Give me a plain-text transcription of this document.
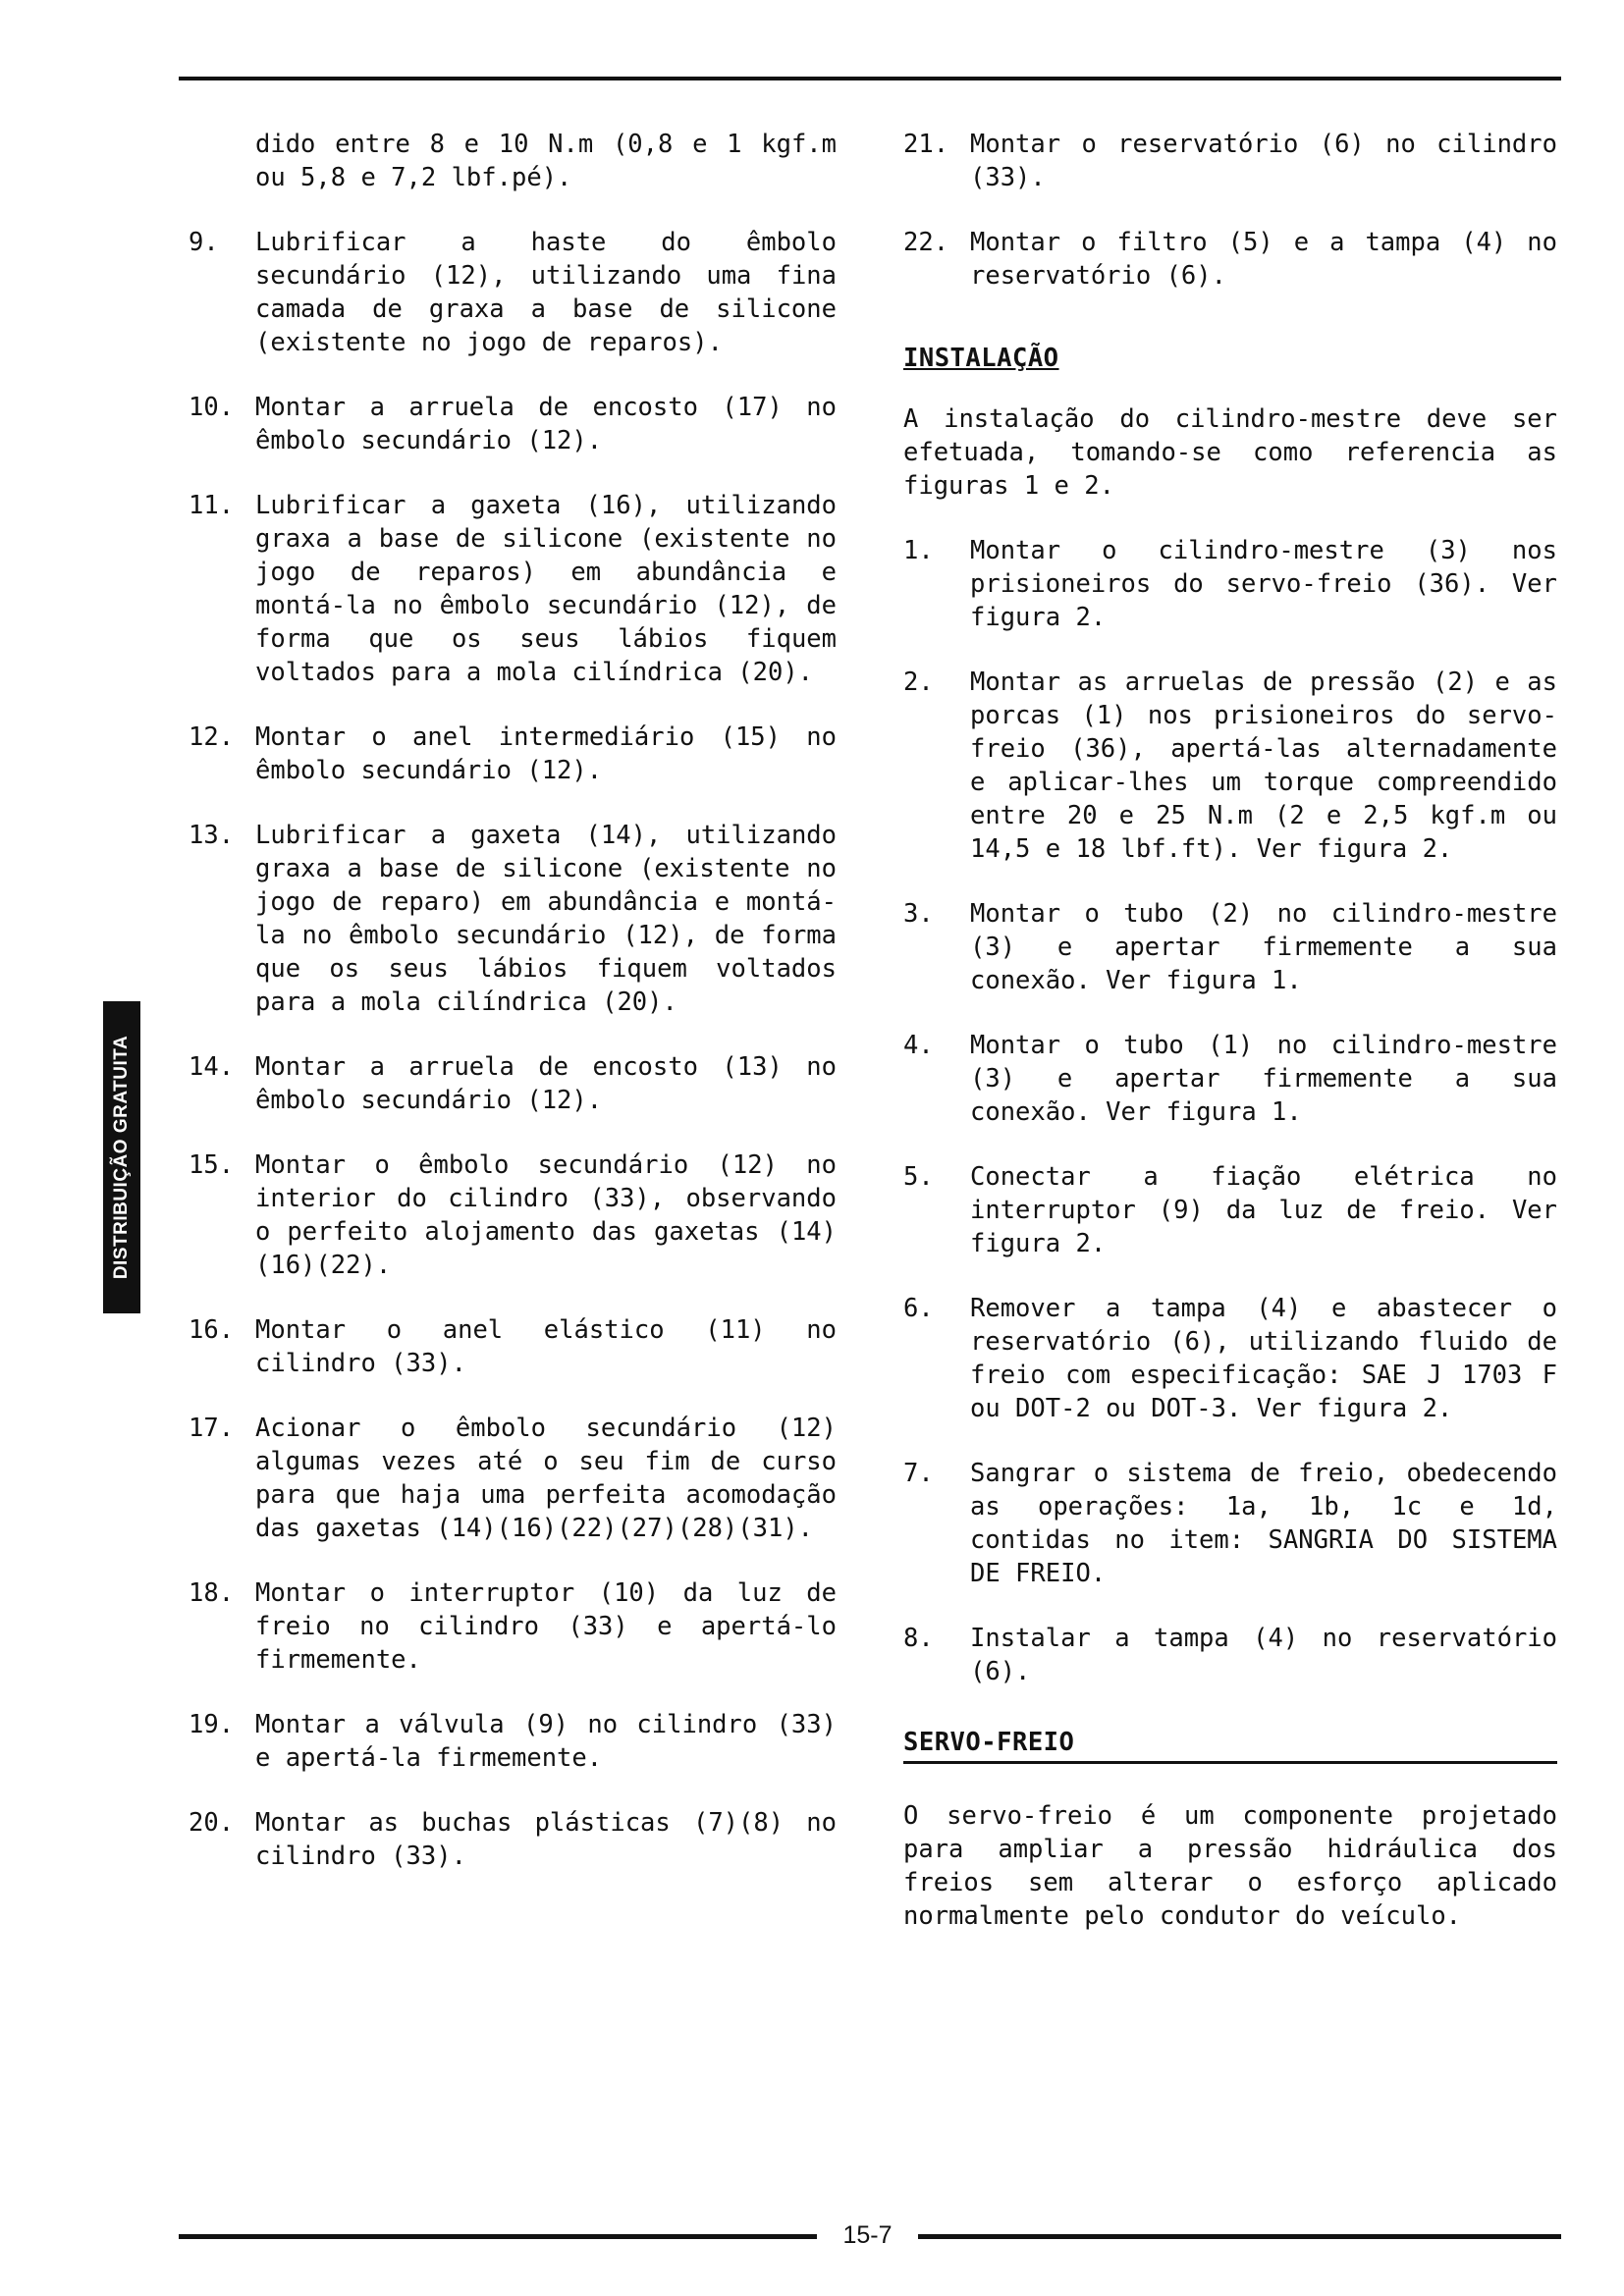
DISTRIBUIÇÃO GRATUITA

dido entre 8 e 10 N.m (0,8 e 1 kgf.m ou 5,8 e 7,2 lbf.pé).

9.	Lubrificar a haste do êmbolo secundário (12), utilizando uma fina camada de graxa a base de silicone (existente no jogo de reparos).
10. Montar a arruela de encosto (17) no êmbolo secundário (12).
11. Lubrificar a gaxeta (16), utilizando graxa a base de silicone (existente no jogo de reparos) em abundância e montá-la no êmbolo secundário (12), de forma que os seus lábios fiquem voltados para a mola cilíndrica (20).
12. Montar o anel intermediário (15) no êmbolo secundário (12).
13. Lubrificar a gaxeta (14), utilizando graxa a base de silicone (existente no jogo de reparo) em abundância e montá-la no êmbolo secundário (12), de forma que os seus lábios fiquem voltados para a mola cilíndrica (20).
14. Montar a arruela de encosto (13) no êmbolo secundário (12).
15. Montar o êmbolo secundário (12) no interior do cilindro (33), observando o perfeito alojamento das gaxetas (14)(16)(22).
16. Montar o anel elástico (11) no cilindro (33).
17. Acionar o êmbolo secundário (12) algumas vezes até o seu fim de curso para que haja uma perfeita acomodação das gaxetas (14)(16)(22)(27)(28)(31).
18. Montar o interruptor (10) da luz de freio no cilindro (33) e apertá-lo firmemente.
19. Montar a válvula (9) no cilindro (33) e apertá-la firmemente.
20. Montar as buchas plásticas (7)(8) no cilindro (33).
21. Montar o reservatório (6) no cilindro (33).
22. Montar o filtro (5) e a tampa (4) no reservatório (6).
INSTALAÇÃO

A instalação do cilindro-mestre deve ser efetuada, tomando-se como referencia as figuras 1 e 2.

1.	Montar o cilindro-mestre (3) nos prisioneiros do servo-freio (36). Ver figura 2.
2.	Montar as arruelas de pressão (2) e as porcas (1) nos prisioneiros do servo-freio (36), apertá-las alternadamente e aplicar-lhes um torque compreendido entre 20 e 25 N.m (2 e 2,5 kgf.m ou 14,5 e 18 lbf.ft). Ver figura 2.
3.	Montar o tubo (2) no cilindro-mestre (3) e apertar firmemente a sua conexão. Ver figura 1.
4.	Montar o tubo (1) no cilindro-mestre (3) e apertar firmemente a sua conexão. Ver figura 1.
5.	Conectar a fiação elétrica no interruptor (9) da luz de freio. Ver figura 2.
6.	Remover a tampa (4) e abastecer o reservatório (6), utilizando fluido de freio com especificação: SAE J 1703 F ou DOT-2 ou DOT-3. Ver figura 2.
7.	Sangrar o sistema de freio, obedecendo as operações: 1a, 1b, 1c e 1d, contidas no item: SANGRIA DO SISTEMA DE FREIO.
8.	Instalar a tampa (4) no reservatório (6).
SERVO-FREIO

O servo-freio é um componente projetado para ampliar a pressão hidráulica dos freios sem alterar o esforço aplicado normalmente pelo condutor do veículo.

15-7
